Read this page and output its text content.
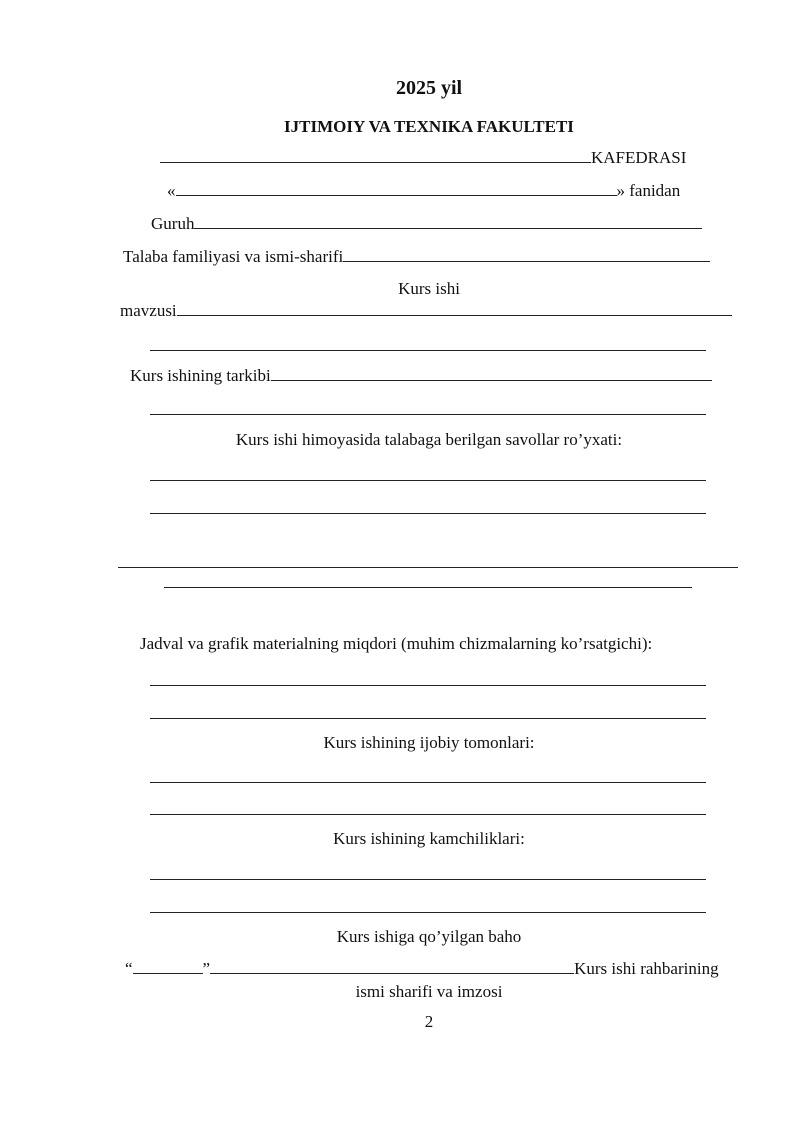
2025 yil
IJTIMOIY VA TEXNIKA FAKULTETI
KAFEDRASI
«	» fanidan
Guruh
Talaba familiyasi va ismi-sharifi
Kurs ishi
mavzusi
Kurs ishining tarkibi
Kurs ishi himoyasida talabaga berilgan savollar ro’yxati:
Jadval va grafik materialning miqdori (muhim chizmalarning ko’rsatgichi):
Kurs ishining ijobiy tomonlari:
Kurs ishining kamchiliklari:
Kurs ishiga qo’yilgan baho
“	”	Kurs ishi rahbarining
ismi sharifi va imzosi
2
